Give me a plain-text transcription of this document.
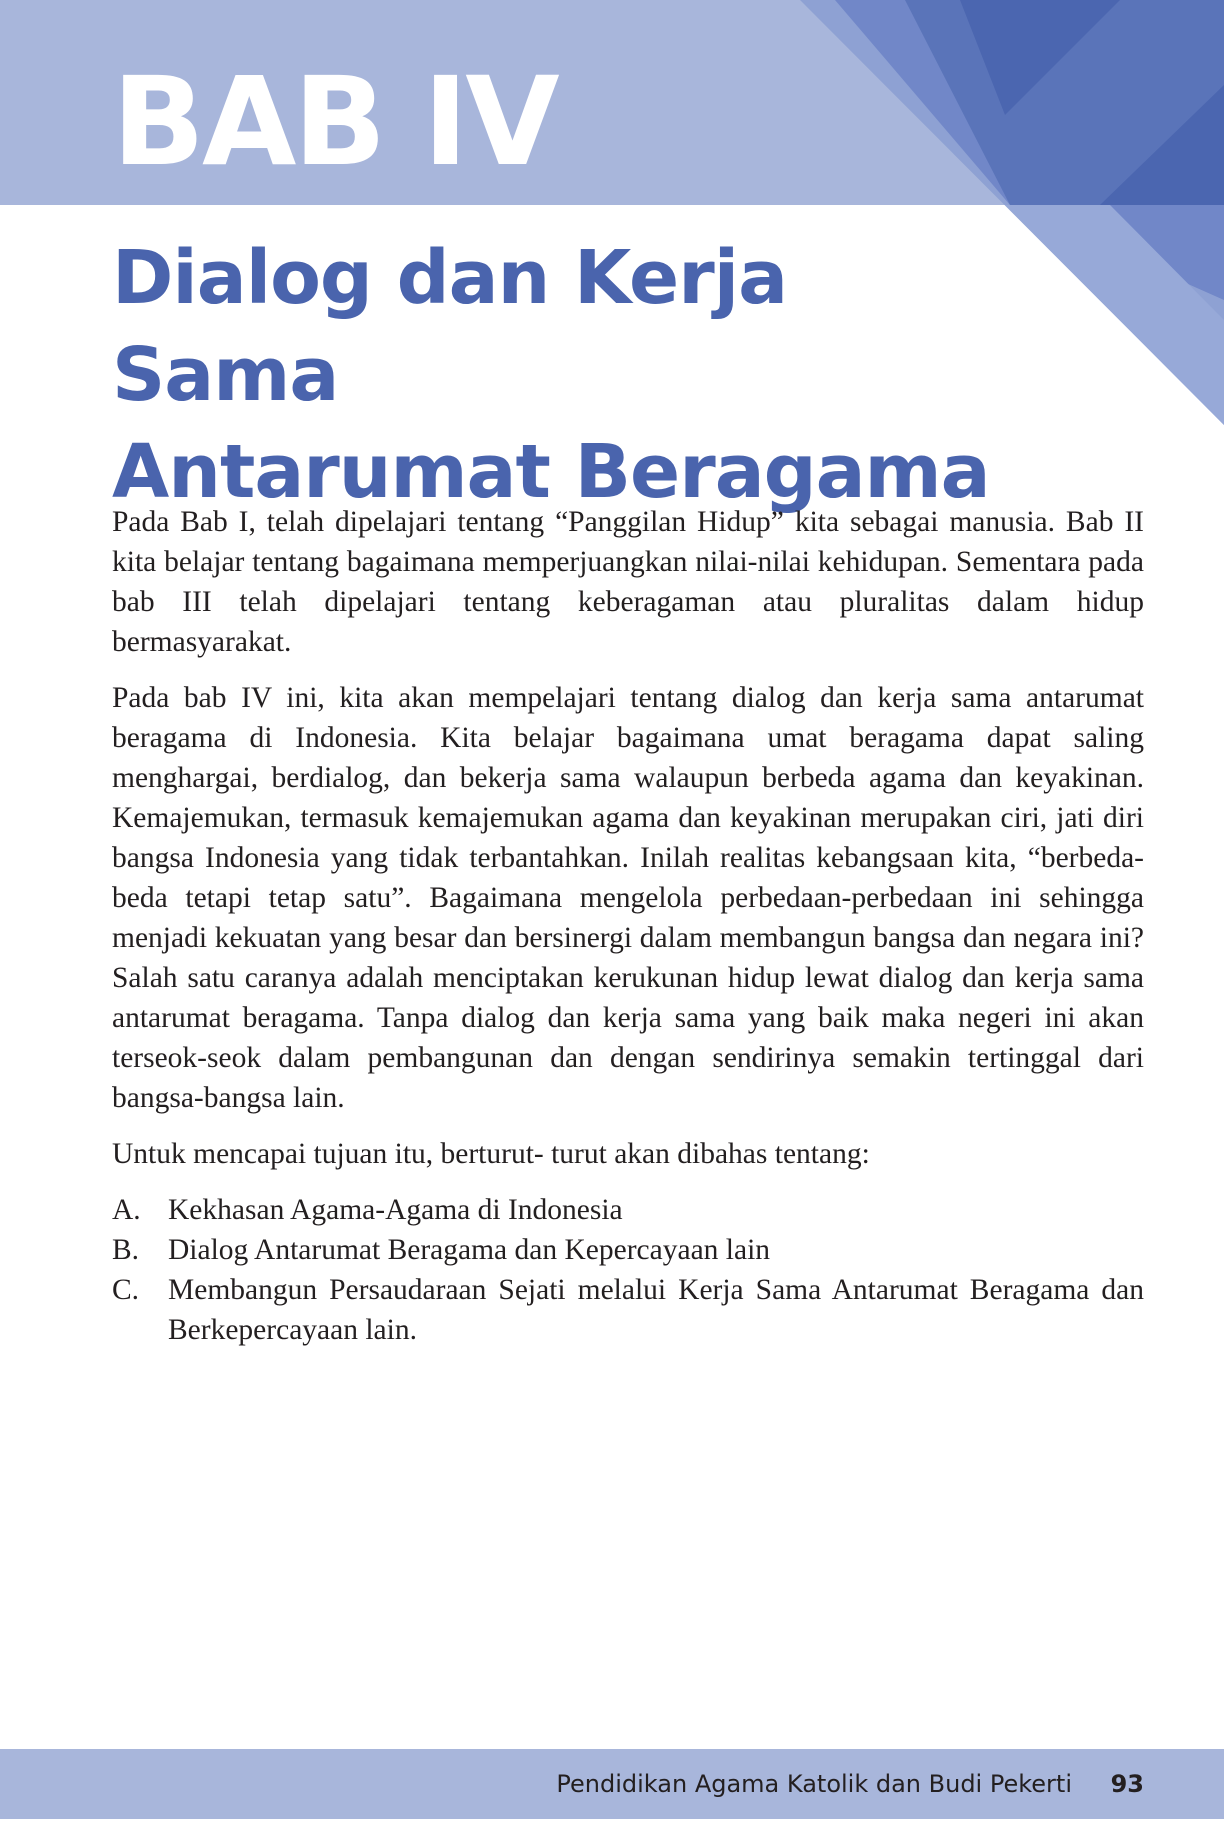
BAB IV
Dialog dan Kerja Sama
Antarumat Beragama

Pada Bab I, telah dipelajari tentang “Panggilan Hidup” kita sebagai manusia. Bab II kita belajar tentang bagaimana memperjuangkan nilai-nilai kehidupan. Sementara pada bab III telah dipelajari tentang keberagaman atau pluralitas dalam hidup bermasyarakat.

Pada bab IV ini, kita akan mempelajari tentang dialog dan kerja sama antarumat beragama di Indonesia. Kita belajar bagaimana umat beragama dapat saling menghargai, berdialog, dan bekerja sama walaupun berbeda agama dan keyakinan. Kemajemukan, termasuk kemajemukan agama dan keyakinan merupakan ciri, jati diri bangsa Indonesia yang tidak terbantahkan. Inilah realitas kebangsaan kita, “berbeda-beda tetapi tetap satu”. Bagaimana mengelola perbedaan-perbedaan ini sehingga menjadi kekuatan yang besar dan bersinergi dalam membangun bangsa dan negara ini? Salah satu caranya adalah menciptakan kerukunan hidup lewat dialog dan kerja sama antarumat beragama. Tanpa dialog dan kerja sama yang baik maka negeri ini akan terseok-seok dalam pembangunan dan dengan sendirinya semakin tertinggal dari bangsa-bangsa lain.

Untuk mencapai tujuan itu, berturut- turut akan dibahas tentang:

A. Kekhasan Agama-Agama di Indonesia
B. Dialog Antarumat Beragama dan Kepercayaan lain
C. Membangun Persaudaraan Sejati melalui Kerja Sama Antarumat Beragama dan Berkepercayaan lain.
Pendidikan Agama Katolik dan Budi Pekerti 93
